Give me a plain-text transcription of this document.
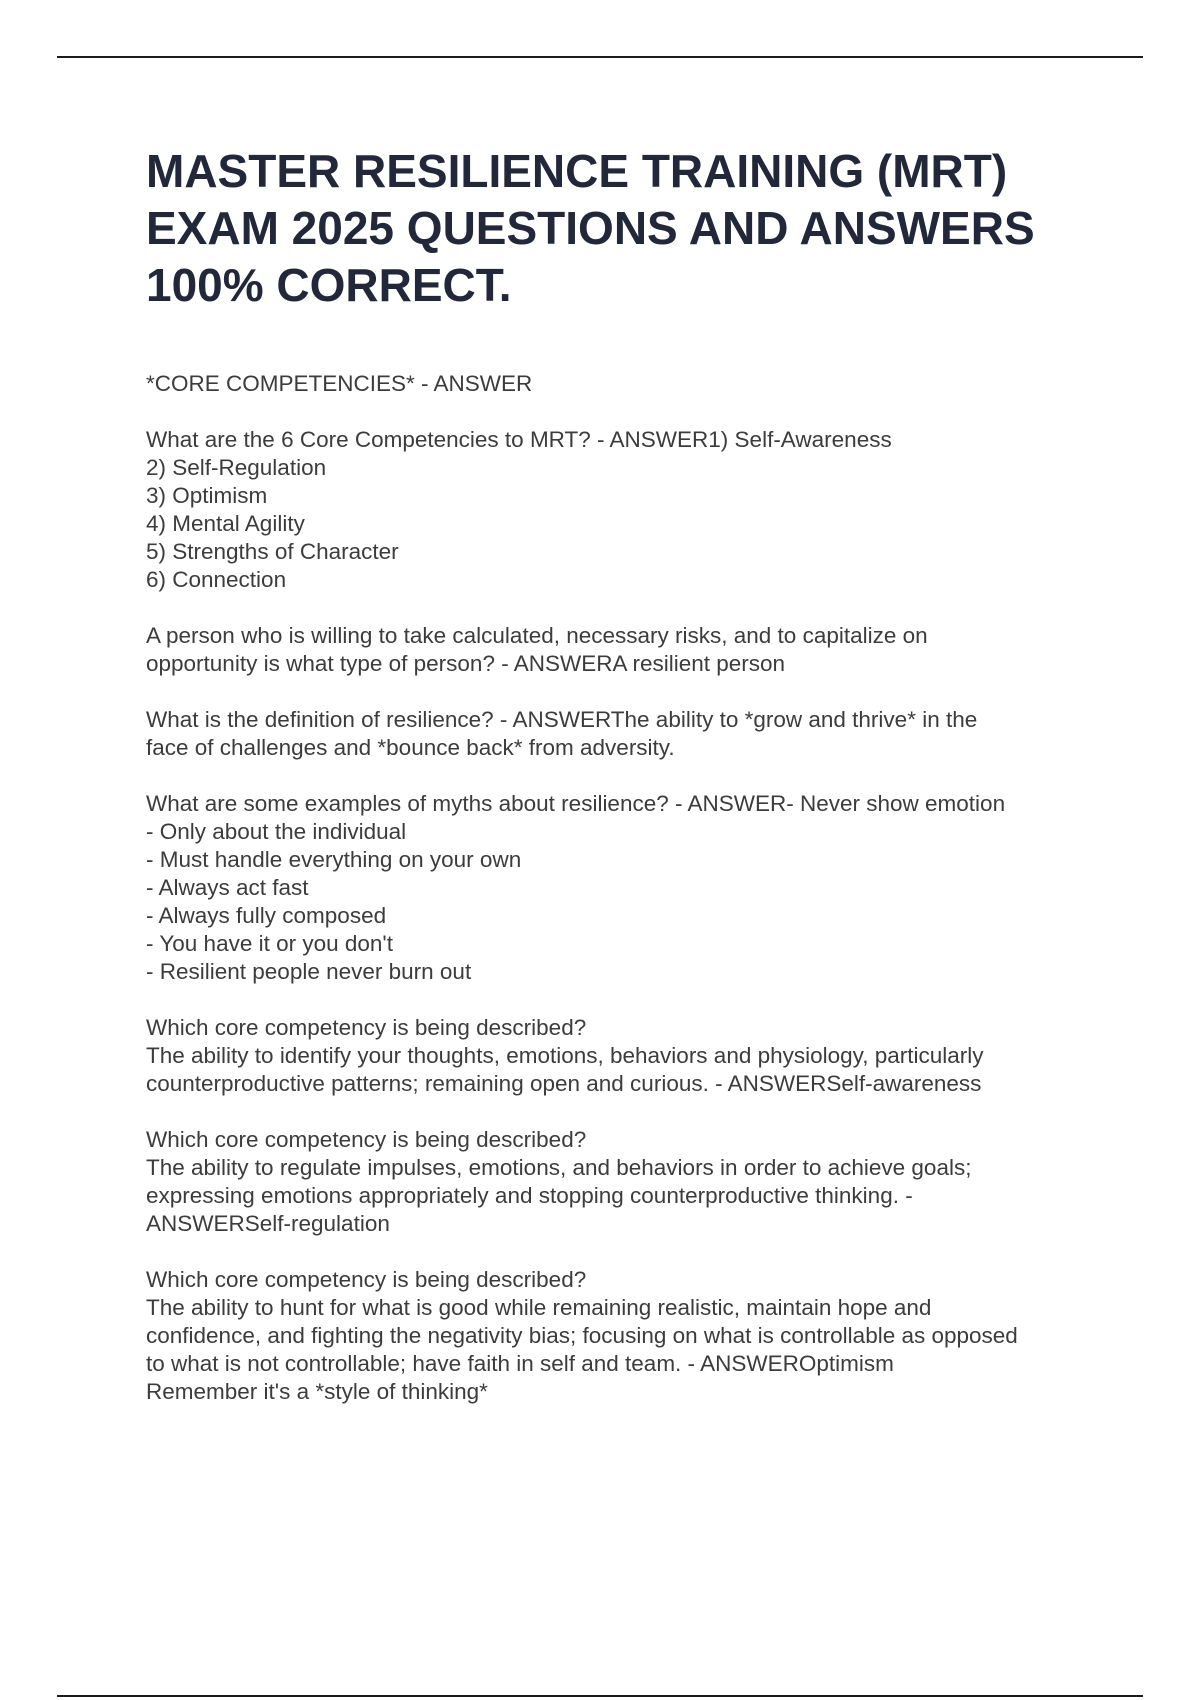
MASTER RESILIENCE TRAINING (MRT)
EXAM 2025 QUESTIONS AND ANSWERS
100% CORRECT.

*CORE COMPETENCIES* - ANSWER

What are the 6 Core Competencies to MRT? - ANSWER1) Self-Awareness
2) Self-Regulation
3) Optimism
4) Mental Agility
5) Strengths of Character
6) Connection

A person who is willing to take calculated, necessary risks, and to capitalize on
opportunity is what type of person? - ANSWERA resilient person

What is the definition of resilience? - ANSWERThe ability to *grow and thrive* in the
face of challenges and *bounce back* from adversity.

What are some examples of myths about resilience? - ANSWER- Never show emotion
- Only about the individual
- Must handle everything on your own
- Always act fast
- Always fully composed
- You have it or you don't
- Resilient people never burn out

Which core competency is being described?
The ability to identify your thoughts, emotions, behaviors and physiology, particularly
counterproductive patterns; remaining open and curious. - ANSWERSelf-awareness

Which core competency is being described?
The ability to regulate impulses, emotions, and behaviors in order to achieve goals;
expressing emotions appropriately and stopping counterproductive thinking. -
ANSWERSelf-regulation

Which core competency is being described?
The ability to hunt for what is good while remaining realistic, maintain hope and
confidence, and fighting the negativity bias; focusing on what is controllable as opposed
to what is not controllable; have faith in self and team. - ANSWEROptimism
Remember it's a *style of thinking*
